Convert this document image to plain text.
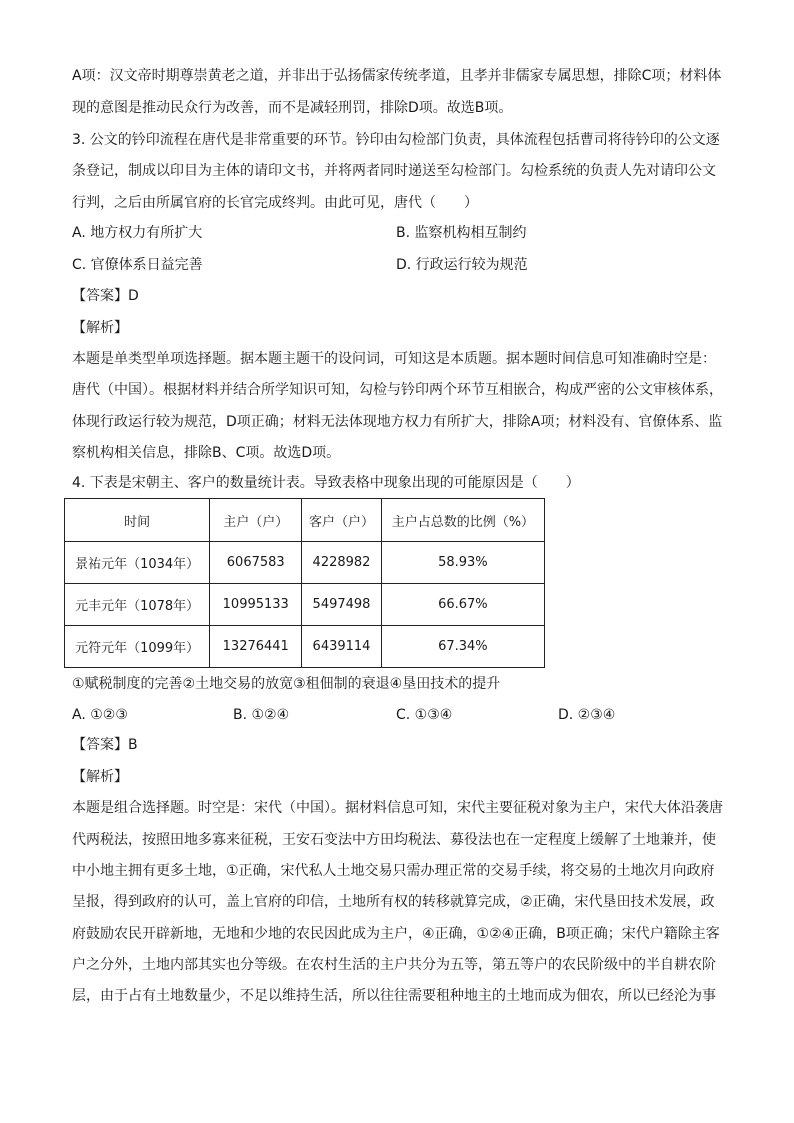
A项：汉文帝时期尊崇黄老之道，并非出于弘扬儒家传统孝道，且孝并非儒家专属思想，排除C项；材料体
现的意图是推动民众行为改善，而不是减轻刑罚，排除D项。故选B项。
3. 公文的钤印流程在唐代是非常重要的环节。钤印由勾检部门负责，具体流程包括曹司将待钤印的公文逐
条登记，制成以印目为主体的请印文书，并将两者同时递送至勾检部门。勾检系统的负责人先对请印公文
行判，之后由所属官府的长官完成终判。由此可见，唐代（　　）
A. 地方权力有所扩大	B. 监察机构相互制约
C. 官僚体系日益完善	D. 行政运行较为规范
【答案】D
【解析】
本题是单类型单项选择题。据本题主题干的设问词，可知这是本质题。据本题时间信息可知准确时空是：
唐代（中国）。根据材料并结合所学知识可知，勾检与钤印两个环节互相嵌合，构成严密的公文审核体系，
体现行政运行较为规范，D项正确；材料无法体现地方权力有所扩大，排除A项；材料没有、官僚体系、监
察机构相关信息，排除B、C项。故选D项。
4. 下表是宋朝主、客户的数量统计表。导致表格中现象出现的可能原因是（　　）
时间	主户（户）	客户（户）	主户占总数的比例（%）
景祐元年（1034年）	6067583	4228982	58.93%
元丰元年（1078年）	10995133	5497498	66.67%
元符元年（1099年）	13276441	6439114	67.34%
①赋税制度的完善②土地交易的放宽③租佃制的衰退④垦田技术的提升
A. ①②③	B. ①②④	C. ①③④	D. ②③④
【答案】B
【解析】
本题是组合选择题。时空是：宋代（中国）。据材料信息可知，宋代主要征税对象为主户，宋代大体沿袭唐
代两税法，按照田地多寡来征税，王安石变法中方田均税法、募役法也在一定程度上缓解了土地兼并，使
中小地主拥有更多土地，①正确，宋代私人土地交易只需办理正常的交易手续，将交易的土地次月向政府
呈报，得到政府的认可，盖上官府的印信，土地所有权的转移就算完成，②正确，宋代垦田技术发展，政
府鼓励农民开辟新地，无地和少地的农民因此成为主户，④正确，①②④正确，B项正确；宋代户籍除主客
户之分外，土地内部其实也分等级。在农村生活的主户共分为五等，第五等户的农民阶级中的半自耕农阶
层，由于占有土地数量少，不足以维持生活，所以往往需要租种地主的土地而成为佃农，所以已经沦为事
